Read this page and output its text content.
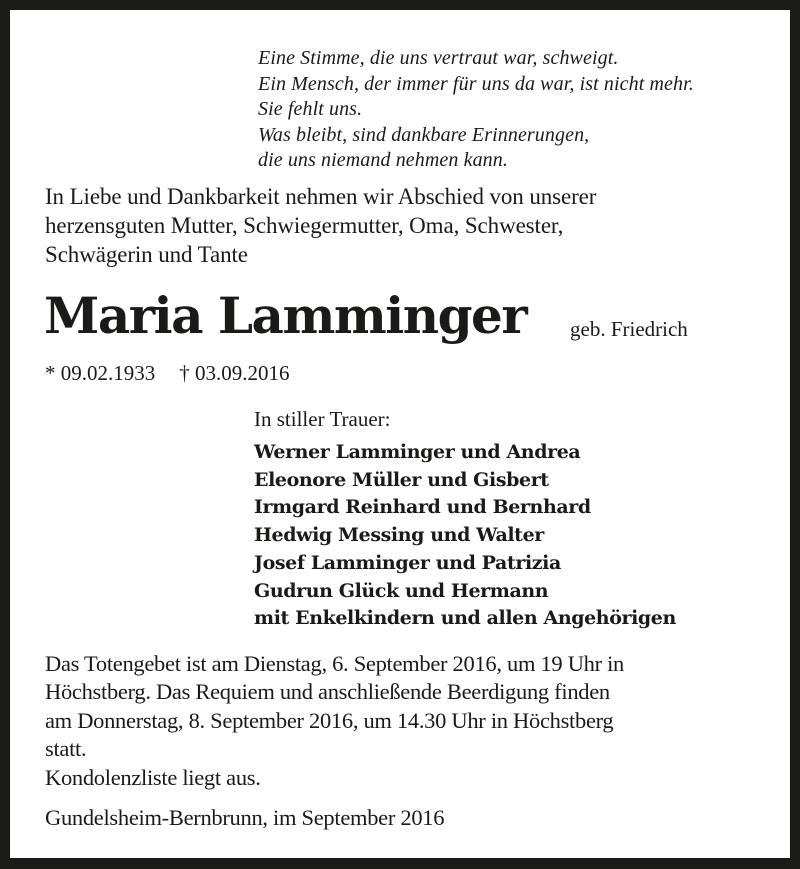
Eine Stimme, die uns vertraut war, schweigt.
Ein Mensch, der immer für uns da war, ist nicht mehr.
Sie fehlt uns.
Was bleibt, sind dankbare Erinnerungen,
die uns niemand nehmen kann.
In Liebe und Dankbarkeit nehmen wir Abschied von unserer
herzensguten Mutter, Schwiegermutter, Oma, Schwester,
Schwägerin und Tante
Maria Lamminger geb. Friedrich
* 09.02.1933 † 03.09.2016
In stiller Trauer:
Werner Lamminger und Andrea
Eleonore Müller und Gisbert
Irmgard Reinhard und Bernhard
Hedwig Messing und Walter
Josef Lamminger und Patrizia
Gudrun Glück und Hermann
mit Enkelkindern und allen Angehörigen
Das Totengebet ist am Dienstag, 6. September 2016, um 19 Uhr in
Höchstberg. Das Requiem und anschließende Beerdigung finden
am Donnerstag, 8. September 2016, um 14.30 Uhr in Höchstberg
statt.
Kondolenzliste liegt aus.
Gundelsheim-Bernbrunn, im September 2016
